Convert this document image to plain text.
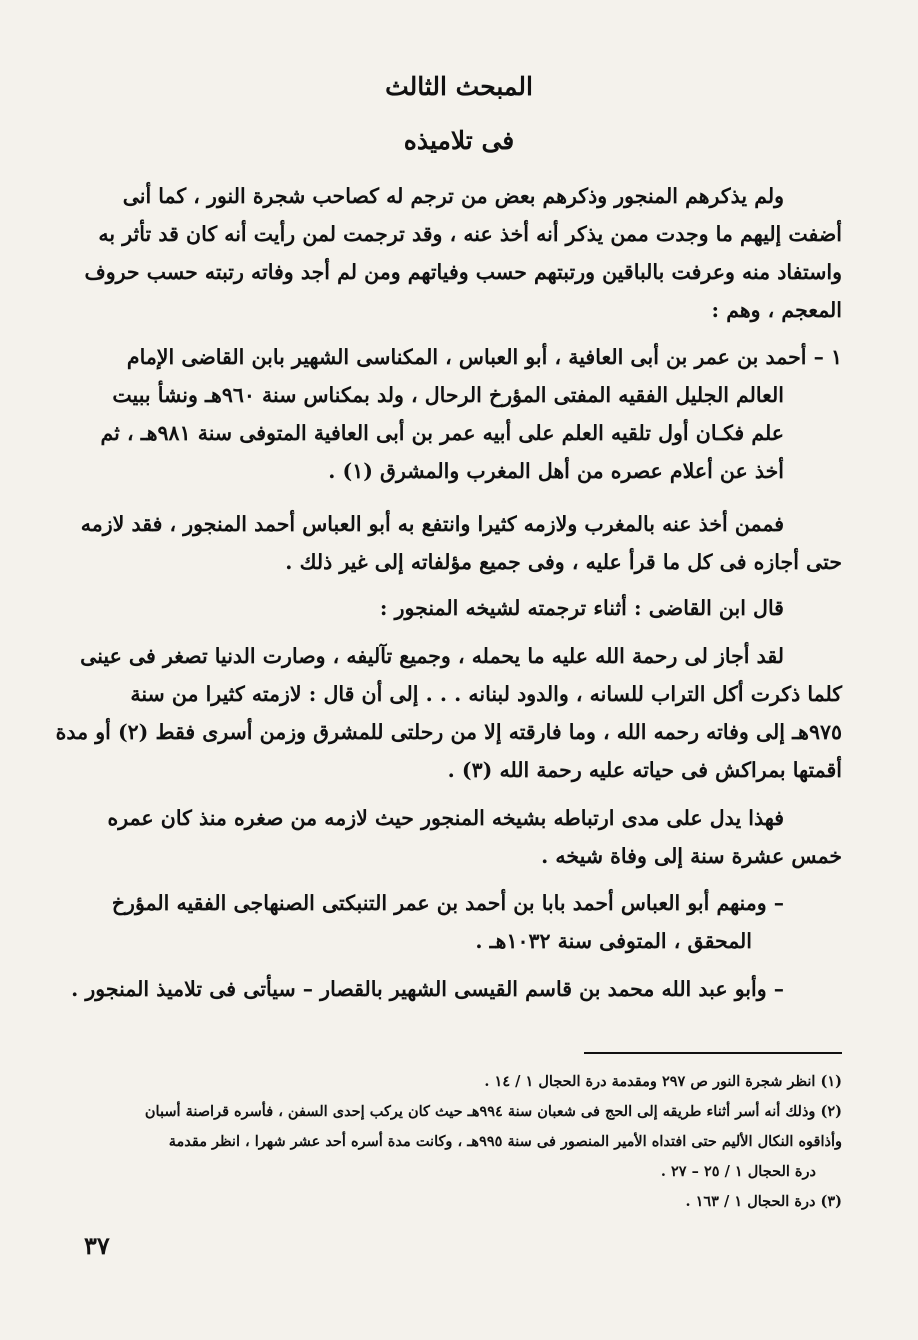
المبحث الثالث
فى تلاميذه
ولم يذكرهم المنجور وذكرهم بعض من ترجم له كصاحب شجرة النور ، كما أنى
أضفت إليهم ما وجدت ممن يذكر أنه أخذ عنه ، وقد ترجمت لمن رأيت أنه كان قد تأثر به
واستفاد منه وعرفت بالباقين ورتبتهم حسب وفياتهم ومن لم أجد وفاته رتبته حسب حروف
المعجم ، وهم :
١ – أحمد بن عمر بن أبى العافية ، أبو العباس ، المكناسى الشهير بابن القاضى الإمام
العالم الجليل الفقيه المفتى المؤرخ الرحال ، ولد بمكناس سنة ٩٦٠هـ ونشأ ببيت
علم فكـان أول تلقيه العلم على أبيه عمر بن أبى العافية المتوفى سنة ٩٨١هـ ، ثم
أخذ عن أعلام عصره من أهل المغرب والمشرق (١) .
فممن أخذ عنه بالمغرب ولازمه كثيرا وانتفع به أبو العباس أحمد المنجور ، فقد لازمه
حتى أجازه فى كل ما قرأ عليه ، وفى جميع مؤلفاته إلى غير ذلك .
قال ابن القاضى : أثناء ترجمته لشيخه المنجور :
لقد أجاز لى رحمة الله عليه ما يحمله ، وجميع تآليفه ، وصارت الدنيا تصغر فى عينى
كلما ذكرت أكل التراب للسانه ، والدود لبنانه . . . إلى أن قال : لازمته كثيرا من سنة
٩٧٥هـ إلى وفاته رحمه الله ، وما فارقته إلا من رحلتى للمشرق وزمن أسرى فقط (٢) أو مدة
أقمتها بمراكش فى حياته عليه رحمة الله (٣) .
فهذا يدل على مدى ارتباطه بشيخه المنجور حيث لازمه من صغره منذ كان عمره
خمس عشرة سنة إلى وفاة شيخه .
– ومنهم أبو العباس أحمد بابا بن أحمد بن عمر التنبكتى الصنهاجى الفقيه المؤرخ
المحقق ، المتوفى سنة ١٠٣٢هـ .
– وأبو عبد الله محمد بن قاسم القيسى الشهير بالقصار – سيأتى فى تلاميذ المنجور .
(١) انظر شجرة النور ص ٢٩٧ ومقدمة درة الحجال ١ / ١٤ .
(٢) وذلك أنه أسر أثناء طريقه إلى الحج فى شعبان سنة ٩٩٤هـ حيث كان يركب إحدى السفن ، فأسره قراصنة أسبان
وأذاقوه النكال الأليم حتى افتداه الأمير المنصور فى سنة ٩٩٥هـ ، وكانت مدة أسره أحد عشر شهرا ، انظر مقدمة
درة الحجال ١ / ٢٥ – ٢٧ .
(٣) درة الحجال ١ / ١٦٣ .
٣٧
